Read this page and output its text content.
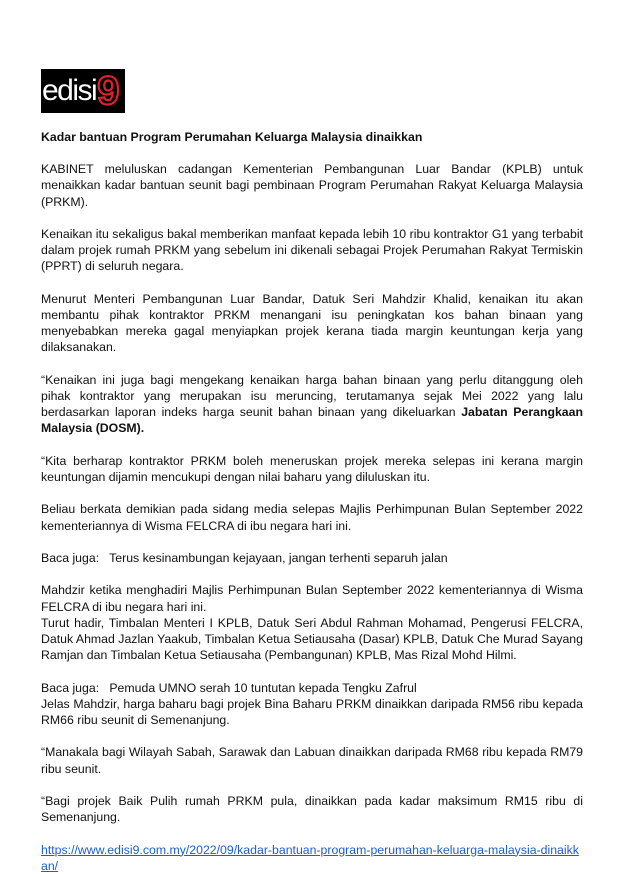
edisi 9
Kadar bantuan Program Perumahan Keluarga Malaysia dinaikkan

KABINET meluluskan cadangan Kementerian Pembangunan Luar Bandar (KPLB) untuk menaikkan kadar bantuan seunit bagi pembinaan Program Perumahan Rakyat Keluarga Malaysia (PRKM).

Kenaikan itu sekaligus bakal memberikan manfaat kepada lebih 10 ribu kontraktor G1 yang terbabit dalam projek rumah PRKM yang sebelum ini dikenali sebagai Projek Perumahan Rakyat Termiskin (PPRT) di seluruh negara.

Menurut Menteri Pembangunan Luar Bandar, Datuk Seri Mahdzir Khalid, kenaikan itu akan membantu pihak kontraktor PRKM menangani isu peningkatan kos bahan binaan yang menyebabkan mereka gagal menyiapkan projek kerana tiada margin keuntungan kerja yang dilaksanakan.

“Kenaikan ini juga bagi mengekang kenaikan harga bahan binaan yang perlu ditanggung oleh pihak kontraktor yang merupakan isu meruncing, terutamanya sejak Mei 2022 yang lalu berdasarkan laporan indeks harga seunit bahan binaan yang dikeluarkan Jabatan Perangkaan Malaysia (DOSM).

“Kita berharap kontraktor PRKM boleh meneruskan projek mereka selepas ini kerana margin keuntungan dijamin mencukupi dengan nilai baharu yang diluluskan itu.

Beliau berkata demikian pada sidang media selepas Majlis Perhimpunan Bulan September 2022 kementeriannya di Wisma FELCRA di ibu negara hari ini.

Baca juga:   Terus kesinambungan kejayaan, jangan terhenti separuh jalan

Mahdzir ketika menghadiri Majlis Perhimpunan Bulan September 2022 kementeriannya di Wisma FELCRA di ibu negara hari ini.

Turut hadir, Timbalan Menteri I KPLB, Datuk Seri Abdul Rahman Mohamad, Pengerusi FELCRA, Datuk Ahmad Jazlan Yaakub, Timbalan Ketua Setiausaha (Dasar) KPLB, Datuk Che Murad Sayang Ramjan dan Timbalan Ketua Setiausaha (Pembangunan) KPLB, Mas Rizal Mohd Hilmi.

Baca juga:   Pemuda UMNO serah 10 tuntutan kepada Tengku Zafrul

Jelas Mahdzir, harga baharu bagi projek Bina Baharu PRKM dinaikkan daripada RM56 ribu kepada RM66 ribu seunit di Semenanjung.

“Manakala bagi Wilayah Sabah, Sarawak dan Labuan dinaikkan daripada RM68 ribu kepada RM79 ribu seunit.

“Bagi projek Baik Pulih rumah PRKM pula, dinaikkan pada kadar maksimum RM15 ribu di Semenanjung.

https://www.edisi9.com.my/2022/09/kadar-bantuan-program-perumahan-keluarga-malaysia-dinaikkan/
